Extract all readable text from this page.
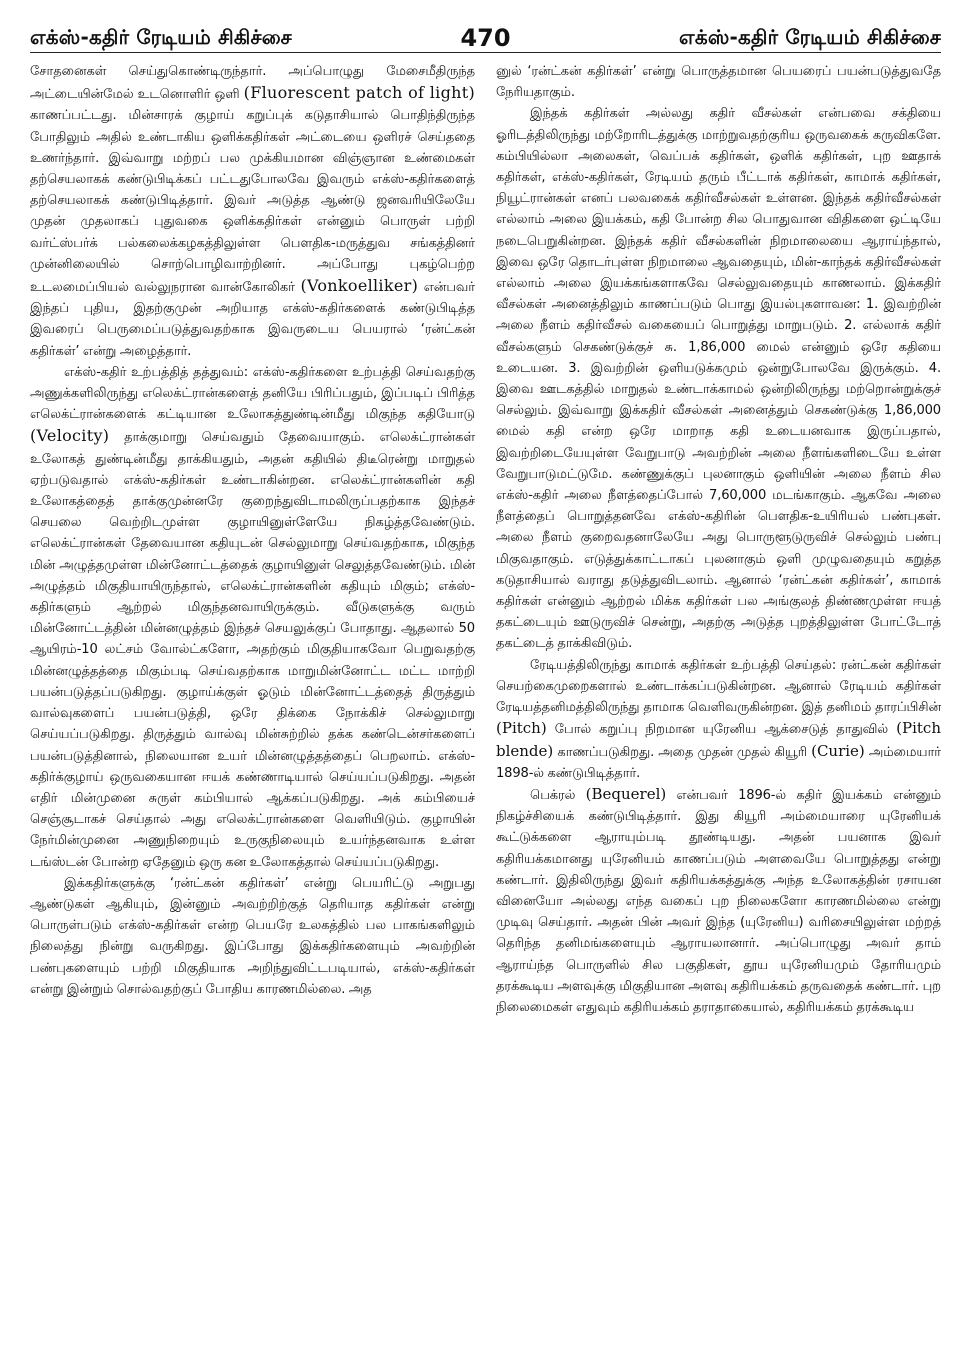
எக்ஸ்-கதிர் ரேடியம் சிகிச்சை	470	எக்ஸ்-கதிர் ரேடியம் சிகிச்சை

சோதனைகள் செய்துகொண்டிருந்தார். அப்பொழுது மேசைமீதிருந்த அட்டையின்மேல் உடனொளிர் ஒளி (Fluorescent patch of light) காணப்பட்டது. மின்சாரக் குழாய் கறுப்புக் கடுதாசியால் பொதிந்திருந்த போதிலும் அதில் உண்டாகிய ஒளிக்கதிர்கள் அட்டையை ஒளிரச் செய்ததை உணர்ந்தார். இவ்வாறு மற்றப் பல முக்கியமான விஞ்ஞான உண்மைகள் தற்செயலாகக் கண்டுபிடிக்கப் பட்டதுபோலவே இவரும் எக்ஸ்-கதிர்களைத் தற்செயலாகக் கண்டுபிடித்தார். இவர் அடுத்த ஆண்டு ஜனவரியிலேயே முதன் முதலாகப் புதுவகை ஒளிக்கதிர்கள் என்னும் பொருள் பற்றி வர்ட்ஸ்பர்க் பல்கலைக்கழகத்திலுள்ள பௌதிக-மருத்துவ சங்கத்தினர் முன்னிலையில் சொற்பொழிவாற்றினர். அப்போது புகழ்பெற்ற உடலமைப்பியல் வல்லுநரான வான்கோலிகர் (Vonkoelliker) என்பவர் இந்தப் புதிய, இதற்குமுன் அறியாத எக்ஸ்-கதிர்களைக் கண்டுபிடித்த இவரைப் பெருமைப்படுத்துவதற்காக இவருடைய பெயரால் ‘ரன்ட்கன் கதிர்கள்’ என்று அழைத்தார்.

எக்ஸ்-கதிர் உற்பத்தித் தத்துவம்: எக்ஸ்-கதிர்களை உற்பத்தி செய்வதற்கு அணுக்களிலிருந்து எலெக்ட்ரான்களைத் தனியே பிரிப்பதும், இப்படிப் பிரித்த எலெக்ட்ரான்களைக் கட்டியான உலோகத்துண்டின்மீது மிகுந்த கதியோடு (Velocity) தாக்குமாறு செய்வதும் தேவையாகும். எலெக்ட்ரான்கள் உலோகத் துண்டின்மீது தாக்கியதும், அதன் கதியில் திடீரென்று மாறுதல் ஏற்படுவதால் எக்ஸ்-கதிர்கள் உண்டாகின்றன. எலெக்ட்ரான்களின் கதி உலோகத்தைத் தாக்குமுன்னரே குறைந்துவிடாமலிருப்பதற்காக இந்தச் செயலை வெற்றிடமுள்ள குழாயினுள்ளேயே நிகழ்த்தவேண்டும். எலெக்ட்ரான்கள் தேவையான கதியுடன் செல்லுமாறு செய்வதற்காக, மிகுந்த மின் அழுத்தமுள்ள மின்னோட்டத்தைக் குழாயினுள் செலுத்தவேண்டும். மின் அழுத்தம் மிகுதியாயிருந்தால், எலெக்ட்ரான்களின் கதியும் மிகும்; எக்ஸ்-கதிர்களும் ஆற்றல் மிகுந்தனவாயிருக்கும். வீடுகளுக்கு வரும் மின்னோட்டத்தின் மின்னழுத்தம் இந்தச் செயலுக்குப் போதாது. ஆதலால் 50 ஆயிரம்-10 லட்சம் வோல்ட்களோ, அதற்கும் மிகுதியாகவோ பெறுவதற்கு மின்னழுத்தத்தை மிகும்படி செய்வதற்காக மாறுமின்னோட்ட மட்ட மாற்றி பயன்படுத்தப்படுகிறது. குழாய்க்குள் ஓடும் மின்னோட்டத்தைத் திருத்தும் வால்வுகளைப் பயன்படுத்தி, ஒரே திக்கை நோக்கிச் செல்லுமாறு செய்யப்படுகிறது. திருத்தும் வால்வு மின்சுற்றில் தக்க கண்டென்சர்களைப் பயன்படுத்தினால், நிலையான உயர் மின்னழுத்தத்தைப் பெறலாம். எக்ஸ்-கதிர்க்குழாய் ஒருவகையான ஈயக் கண்ணாடியால் செய்யப்படுகிறது. அதன் எதிர் மின்முனை சுருள் கம்பியால் ஆக்கப்படுகிறது. அக் கம்பியைச் செஞ்சூடாகச் செய்தால் அது எலெக்ட்ரான்களை வெளியிடும். குழாயின் நேர்மின்முனை அணுநிறையும் உருகுநிலையும் உயர்ந்தனவாக உள்ள டங்ஸ்டன் போன்ற ஏதேனும் ஒரு கன உலோகத்தால் செய்யப்படுகிறது.

இக்கதிர்களுக்கு ‘ரன்ட்கன் கதிர்கள்’ என்று பெயரிட்டு அறுபது ஆண்டுகள் ஆகியும், இன்னும் அவற்றிற்குத் தெரியாத கதிர்கள் என்று பொருள்படும் எக்ஸ்-கதிர்கள் என்ற பெயரே உலகத்தில் பல பாகங்களிலும் நிலைத்து நின்று வருகிறது. இப்போது இக்கதிர்களையும் அவற்றின் பண்புகளையும் பற்றி மிகுதியாக அறிந்துவிட்டபடியால், எக்ஸ்-கதிர்கள் என்று இன்றும் சொல்வதற்குப் போதிய காரணமில்லை. அத

னுல் ‘ரன்ட்கன் கதிர்கள்’ என்று பொருத்தமான பெயரைப் பயன்படுத்துவதே நேரியதாகும்.

இந்தக் கதிர்கள் அல்லது கதிர் வீசல்கள் என்பவை சக்தியை ஓரிடத்திலிருந்து மற்றோரிடத்துக்கு மாற்றுவதற்குரிய ஒருவகைக் கருவிகளே. கம்பியில்லா அலைகள், வெப்பக் கதிர்கள், ஒளிக் கதிர்கள், புற ஊதாக் கதிர்கள், எக்ஸ்-கதிர்கள், ரேடியம் தரும் பீட்டாக் கதிர்கள், காமாக் கதிர்கள், நியூட்ரான்கள் எனப் பலவகைக் கதிர்வீசல்கள் உள்ளன. இந்தக் கதிர்வீசல்கள் எல்லாம் அலை இயக்கம், கதி போன்ற சில பொதுவான விதிகளை ஒட்டியே நடைபெறுகின்றன. இந்தக் கதிர் வீசல்களின் நிறமாலையை ஆராய்ந்தால், இவை ஒரே தொடர்புள்ள நிறமாலை ஆவதையும், மின்-காந்தக் கதிர்வீசல்கள் எல்லாம் அலை இயக்கங்களாகவே செல்லுவதையும் காணலாம். இக்கதிர் வீசல்கள் அனைத்திலும் காணப்படும் பொது இயல்புகளாவன: 1. இவற்றின் அலை நீளம் கதிர்வீசல் வகையைப் பொறுத்து மாறுபடும். 2. எல்லாக் கதிர் வீசல்களும் செகண்டுக்குச் சு. 1,86,000 மைல் என்னும் ஒரே கதியை உடையன. 3. இவற்றின் ஒளியடுக்கமும் ஒன்றுபோலவே இருக்கும். 4. இவை ஊடகத்தில் மாறுதல் உண்டாக்காமல் ஒன்றிலிருந்து மற்றொன்றுக்குச் செல்லும். இவ்வாறு இக்கதிர் வீசல்கள் அனைத்தும் செகண்டுக்கு 1,86,000 மைல் கதி என்ற ஒரே மாறாத கதி உடையனவாக இருப்பதால், இவற்றிடையேயுள்ள வேறுபாடு அவற்றின் அலை நீளங்களிடையே உள்ள வேறுபாடுமட்டுமே. கண்ணுக்குப் புலனாகும் ஒளியின் அலை நீளம் சில எக்ஸ்-கதிர் அலை நீளத்தைப்போல் 7,60,000 மடங்காகும். ஆகவே அலை நீளத்தைப் பொறுத்தனவே எக்ஸ்-கதிரின் பௌதிக-உயிரியல் பண்புகள். அலை நீளம் குறைவதனாலேயே அது பொருளூடுருவிச் செல்லும் பண்பு மிகுவதாகும். எடுத்துக்காட்டாகப் புலனாகும் ஒளி முழுவதையும் கறுத்த கடுதாசியால் வராது தடுத்துவிடலாம். ஆனால் ‘ரன்ட்கன் கதிர்கள்’, காமாக் கதிர்கள் என்னும் ஆற்றல் மிக்க கதிர்கள் பல அங்குலத் திண்ணமுள்ள ஈயத் தகட்டையும் ஊடுருவிச் சென்று, அதற்கு அடுத்த புறத்திலுள்ள போட்டோத் தகட்டைத் தாக்கிவிடும்.

ரேடியத்திலிருந்து காமாக் கதிர்கள் உற்பத்தி செய்தல்: ரன்ட்கன் கதிர்கள் செயற்கைமுறைகளால் உண்டாக்கப்படுகின்றன. ஆனால் ரேடியம் கதிர்கள் ரேடியத்தனிமத்திலிருந்து தாமாக வெளிவருகின்றன. இத் தனிமம் தாரப்பிசின் (Pitch) போல் கறுப்பு நிறமான யுரேனிய ஆக்சைடுத் தாதுவில் (Pitch blende) காணப்படுகிறது. அதை முதன் முதல் கியூரி (Curie) அம்மையார் 1898-ல் கண்டுபிடித்தார்.

பெக்ரல் (Bequerel) என்பவர் 1896-ல் கதிர் இயக்கம் என்னும் நிகழ்ச்சியைக் கண்டுபிடித்தார். இது கியூரி அம்மையாரை யுரேனியக் கூட்டுக்களை ஆராயும்படி தூண்டியது. அதன் பயனாக இவர் கதிரியக்கமானது யுரேனியம் காணப்படும் அளவையே பொறுத்தது என்று கண்டார். இதிலிருந்து இவர் கதிரியக்கத்துக்கு அந்த உலோகத்தின் ரசாயன வினையோ அல்லது எந்த வகைப் புற நிலைகளோ காரணமில்லை என்று முடிவு செய்தார். அதன் பின் அவர் இந்த (யுரேனிய) வரிசையிலுள்ள மற்றத் தெரிந்த தனிமங்களையும் ஆராயலானார். அப்பொழுது அவர் தாம் ஆராய்ந்த பொருளில் சில பகுதிகள், தூய யுரேனியமும் தோரியமும் தரக்கூடிய அளவுக்கு மிகுதியான அளவு கதிரியக்கம் தருவதைக் கண்டார். புற நிலைமைகள் எதுவும் கதிரியக்கம் தராதாகையால், கதிரியக்கம் தரக்கூடிய
